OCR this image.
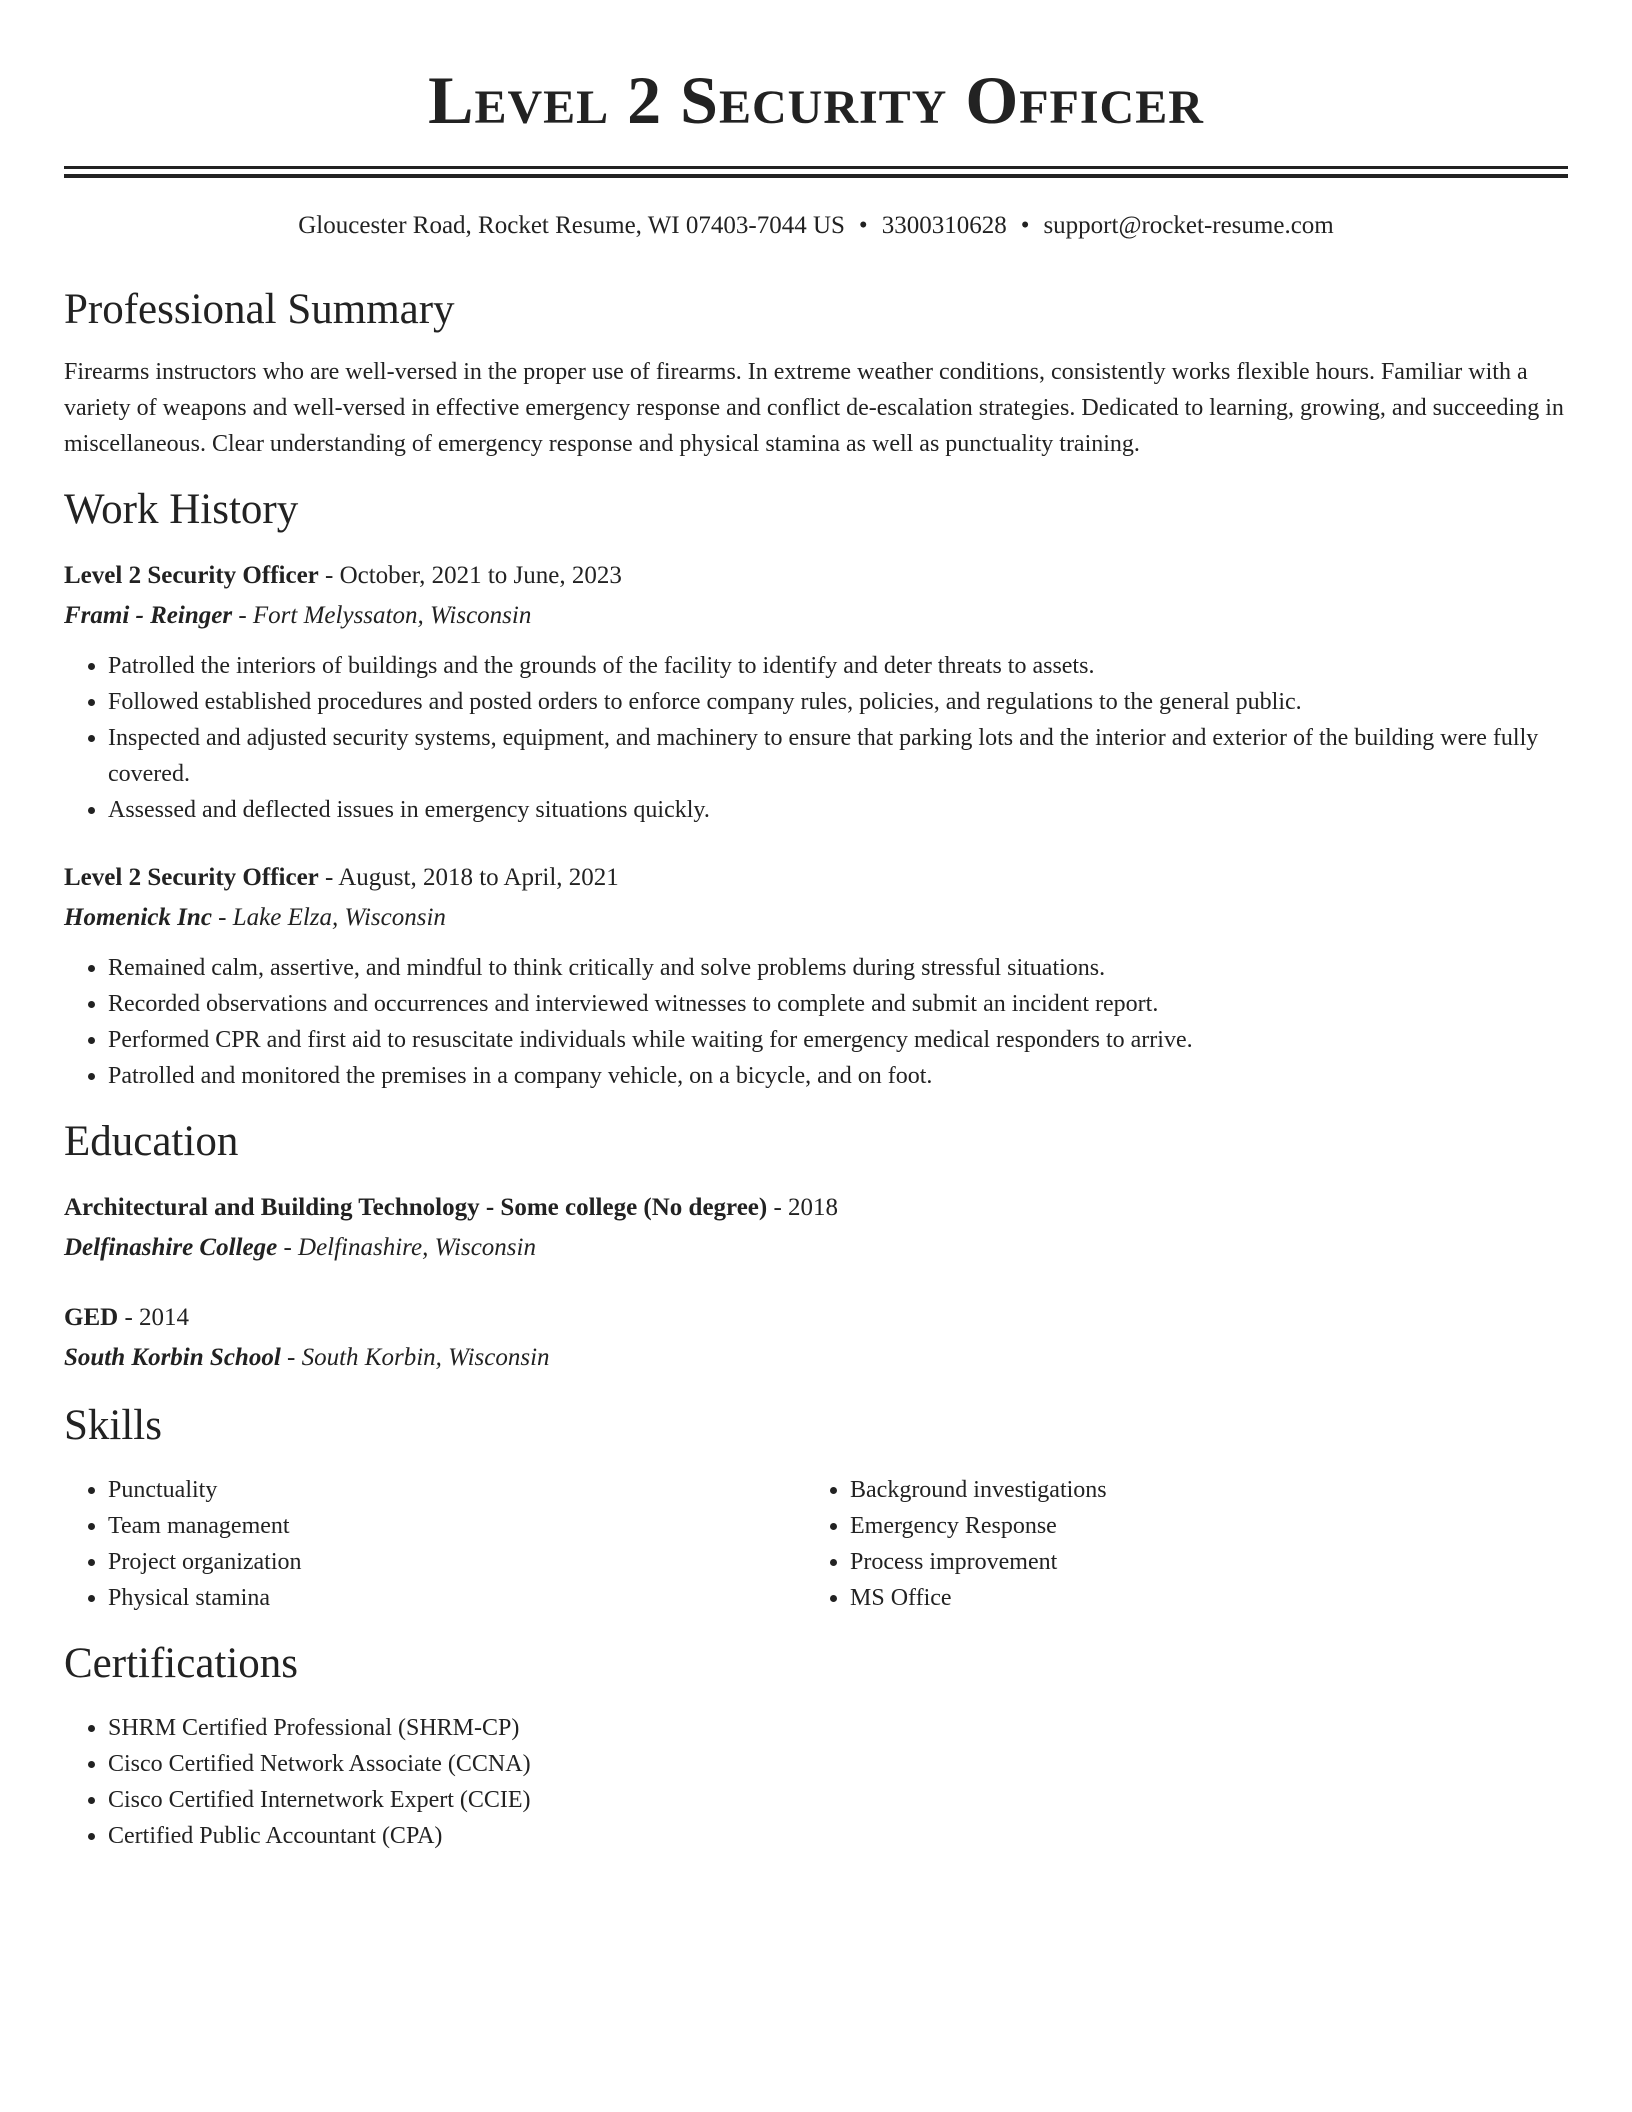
Level 2 Security Officer
Gloucester Road, Rocket Resume, WI 07403-7044 US • 3300310628 • support@rocket-resume.com
Professional Summary
Firearms instructors who are well-versed in the proper use of firearms. In extreme weather conditions, consistently works flexible hours. Familiar with a variety of weapons and well-versed in effective emergency response and conflict de-escalation strategies. Dedicated to learning, growing, and succeeding in miscellaneous. Clear understanding of emergency response and physical stamina as well as punctuality training.
Work History
Level 2 Security Officer - October, 2021 to June, 2023
Frami - Reinger - Fort Melyssaton, Wisconsin
• Patrolled the interiors of buildings and the grounds of the facility to identify and deter threats to assets.
• Followed established procedures and posted orders to enforce company rules, policies, and regulations to the general public.
• Inspected and adjusted security systems, equipment, and machinery to ensure that parking lots and the interior and exterior of the building were fully covered.
• Assessed and deflected issues in emergency situations quickly.
Level 2 Security Officer - August, 2018 to April, 2021
Homenick Inc - Lake Elza, Wisconsin
• Remained calm, assertive, and mindful to think critically and solve problems during stressful situations.
• Recorded observations and occurrences and interviewed witnesses to complete and submit an incident report.
• Performed CPR and first aid to resuscitate individuals while waiting for emergency medical responders to arrive.
• Patrolled and monitored the premises in a company vehicle, on a bicycle, and on foot.
Education
Architectural and Building Technology - Some college (No degree) - 2018
Delfinashire College - Delfinashire, Wisconsin
GED - 2014
South Korbin School - South Korbin, Wisconsin
Skills
• Punctuality
• Team management
• Project organization
• Physical stamina
• Background investigations
• Emergency Response
• Process improvement
• MS Office
Certifications
• SHRM Certified Professional (SHRM-CP)
• Cisco Certified Network Associate (CCNA)
• Cisco Certified Internetwork Expert (CCIE)
• Certified Public Accountant (CPA)
